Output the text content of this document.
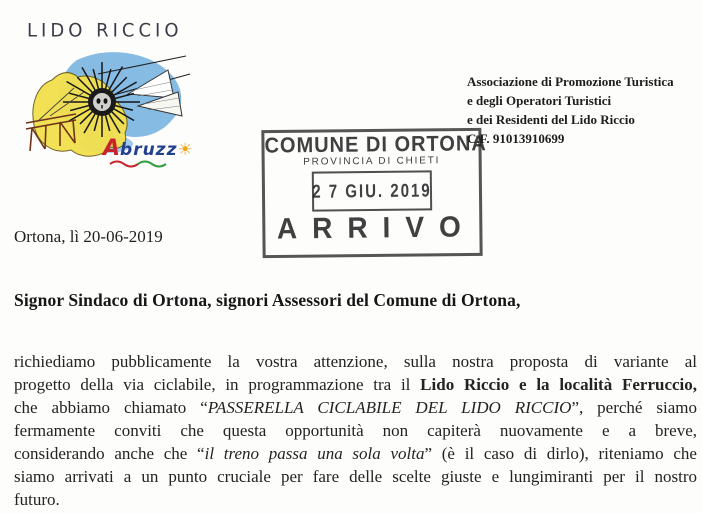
LIDO RICCIO
Abruzz☀
Associazione di Promozione Turistica
e degli Operatori Turistici
e dei Residenti del Lido Riccio
C.F. 91013910699
COMUNE DI ORTONA
PROVINCIA DI CHIETI
2 7 GIU. 2019
ARRIVO
Ortona, lì 20-06-2019
Signor Sindaco di Ortona, signori Assessori del Comune di Ortona,
richiediamo pubblicamente la vostra attenzione, sulla nostra proposta di variante al
progetto della via ciclabile, in programmazione tra il Lido Riccio e la località Ferruccio,
che abbiamo chiamato “PASSERELLA CICLABILE DEL LIDO RICCIO”, perché siamo
fermamente conviti che questa opportunità non capiterà nuovamente e a breve,
considerando anche che “il treno passa una sola volta” (è il caso di dirlo), riteniamo che
siamo arrivati a un punto cruciale per fare delle scelte giuste e lungimiranti per il nostro
futuro.
